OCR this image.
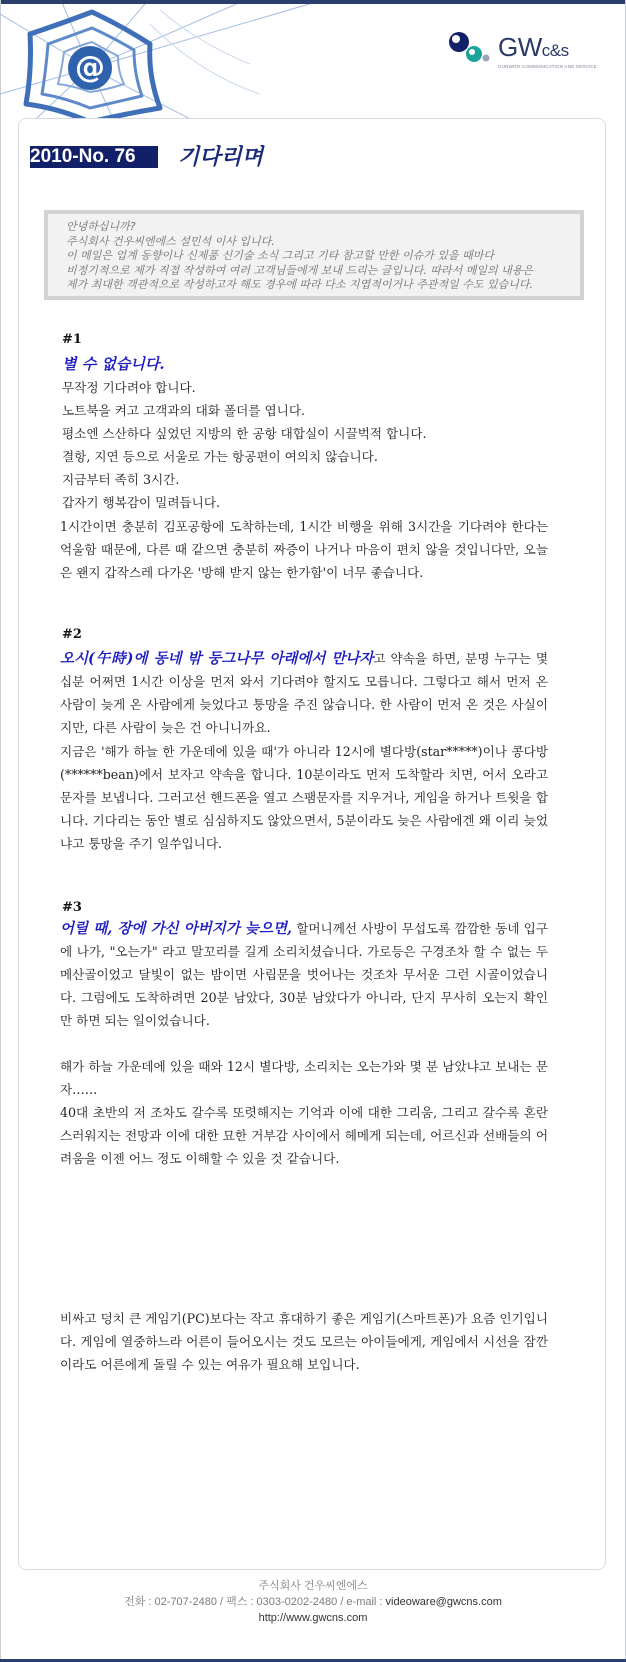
@
GWc&s
GUNWOO COMMUNICATION AND SERVICE
2010-No. 76	기다리며

안녕하십니까?

주식회사 건우씨엔에스 설민석 이사 입니다.

이 메일은 업계 동향이나 신제품 신기술 소식 그리고 기타 참고할 만한 이슈가 있을 때마다

비정기적으로 제가 직접 작성하여 여러 고객님들에게 보내 드리는 글입니다. 따라서 메일의 내용은

제가 최대한 객관적으로 작성하고자 해도 경우에 따라 다소 지엽적이거나 주관적일 수도 있습니다.

#1
별 수 없습니다.
무작정 기다려야 합니다.
노트북을 켜고 고객과의 대화 폴더를 엽니다.
평소엔 스산하다 싶었던 지방의 한 공항 대합실이 시끌벅적 합니다.
결항, 지연 등으로 서울로 가는 항공편이 여의치 않습니다.
지금부터 족히 3시간.
갑자기 행복감이 밀려듭니다.
1시간이면 충분히 김포공항에 도착하는데, 1시간 비행을 위해 3시간을 기다려야 한다는 억울함 때문에, 다른 때 같으면 충분히 짜증이 나거나 마음이 편치 않을 것입니다만, 오늘은 왠지 갑작스레 다가온 '방해 받지 않는 한가함'이 너무 좋습니다.
#2
오시(午時)에 동네 밖 둥그나무 아래에서 만나자고 약속을 하면, 분명 누구는 몇 십분 어쩌면 1시간 이상을 먼저 와서 기다려야 할지도 모릅니다. 그렇다고 해서 먼저 온 사람이 늦게 온 사람에게 늦었다고 퉁망을 주진 않습니다. 한 사람이 먼저 온 것은 사실이지만, 다른 사람이 늦은 건 아니니까요.
지금은 '해가 하늘 한 가운데에 있을 때'가 아니라 12시에 별다방(star*****)이나 콩다방(******bean)에서 보자고 약속을 합니다. 10분이라도 먼저 도착할라 치면, 어서 오라고 문자를 보냅니다. 그러고선 핸드폰을 열고 스팸문자를 지우거나, 게임을 하거나 트윗을 합니다. 기다리는 동안 별로 심심하지도 않았으면서, 5분이라도 늦은 사람에겐 왜 이리 늦었냐고 퉁망을 주기 일쑤입니다.
#3
어릴 때, 장에 가신 아버지가 늦으면, 할머니께선 사방이 무섭도록 깜깜한 동네 입구에 나가, "오는가" 라고 말꼬리를 길게 소리치셨습니다. 가로등은 구경조차 할 수 없는 두메산골이었고 달빛이 없는 밤이면 사립문을 벗어나는 것조차 무서운 그런 시골이었습니다. 그럼에도 도착하려면 20분 남았다, 30분 남았다가 아니라, 단지 무사히 오는지 확인만 하면 되는 일이었습니다.
해가 하늘 가운데에 있을 때와 12시 별다방, 소리치는 오는가와 몇 분 남았냐고 보내는 문자……
40대 초반의 저 조차도 갈수록 또렷해지는 기억과 이에 대한 그리움, 그리고 갈수록 혼란스러워지는 전망과 이에 대한 묘한 거부감 사이에서 헤메게 되는데, 어르신과 선배들의 어려움을 이젠 어느 정도 이해할 수 있을 것 같습니다.
비싸고 덩치 큰 게임기(PC)보다는 작고 휴대하기 좋은 게임기(스마트폰)가 요즘 인기입니다. 게임에 열중하느라 어른이 들어오시는 것도 모르는 아이들에게, 게임에서 시선을 잠깐이라도 어른에게 돌릴 수 있는 여유가 필요해 보입니다.
주식회사 건우씨엔에스
전화 : 02-707-2480 / 팩스 : 0303-0202-2480 / e-mail : videoware@gwcns.com
http://www.gwcns.com
